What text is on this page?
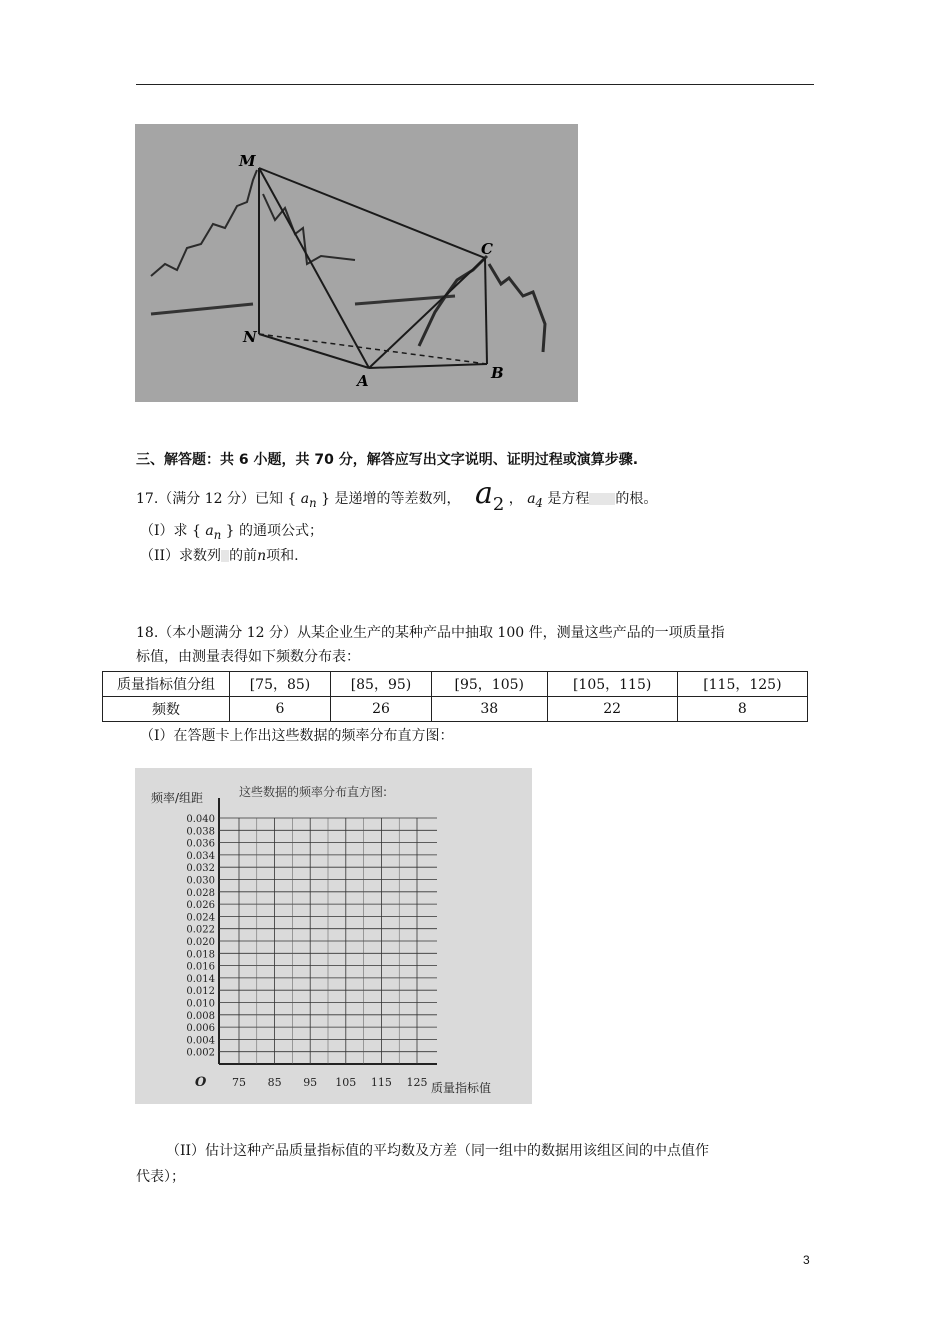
M
C
N
A	B
三、解答题：共 6 小题，共 70 分，解答应写出文字说明、证明过程或演算步骤.
17.（满分 12 分）已知 { $a_n$ } 是递增的等差数列， $a_2$ ， $a_4$ 是方程 的根。
（I）求 { $a_n$ } 的通项公式；
（II）求数列 的前n项和.
18.（本小题满分 12 分）从某企业生产的某种产品中抽取 100 件，测量这些产品的一项质量指
标值，由测量表得如下频数分布表：
质量指标值分组	[75，85)	[85，95)	[95，105)	[105，115)	[115，125)
频数	6	26	38	22	8
（I）在答题卡上作出这些数据的频率分布直方图：
这些数据的频率分布直方图:
频率/组距
质量指标值
O
0.002
0.004
0.006
0.008
0.010
0.012
0.014
0.016
0.018
0.020
0.022
0.024
0.026
0.028
0.030
0.032
0.034
0.036
0.038
0.040
75 85 95 105 115 125
（II）估计这种产品质量指标值的平均数及方差（同一组中的数据用该组区间的中点值作
代表）；
3
